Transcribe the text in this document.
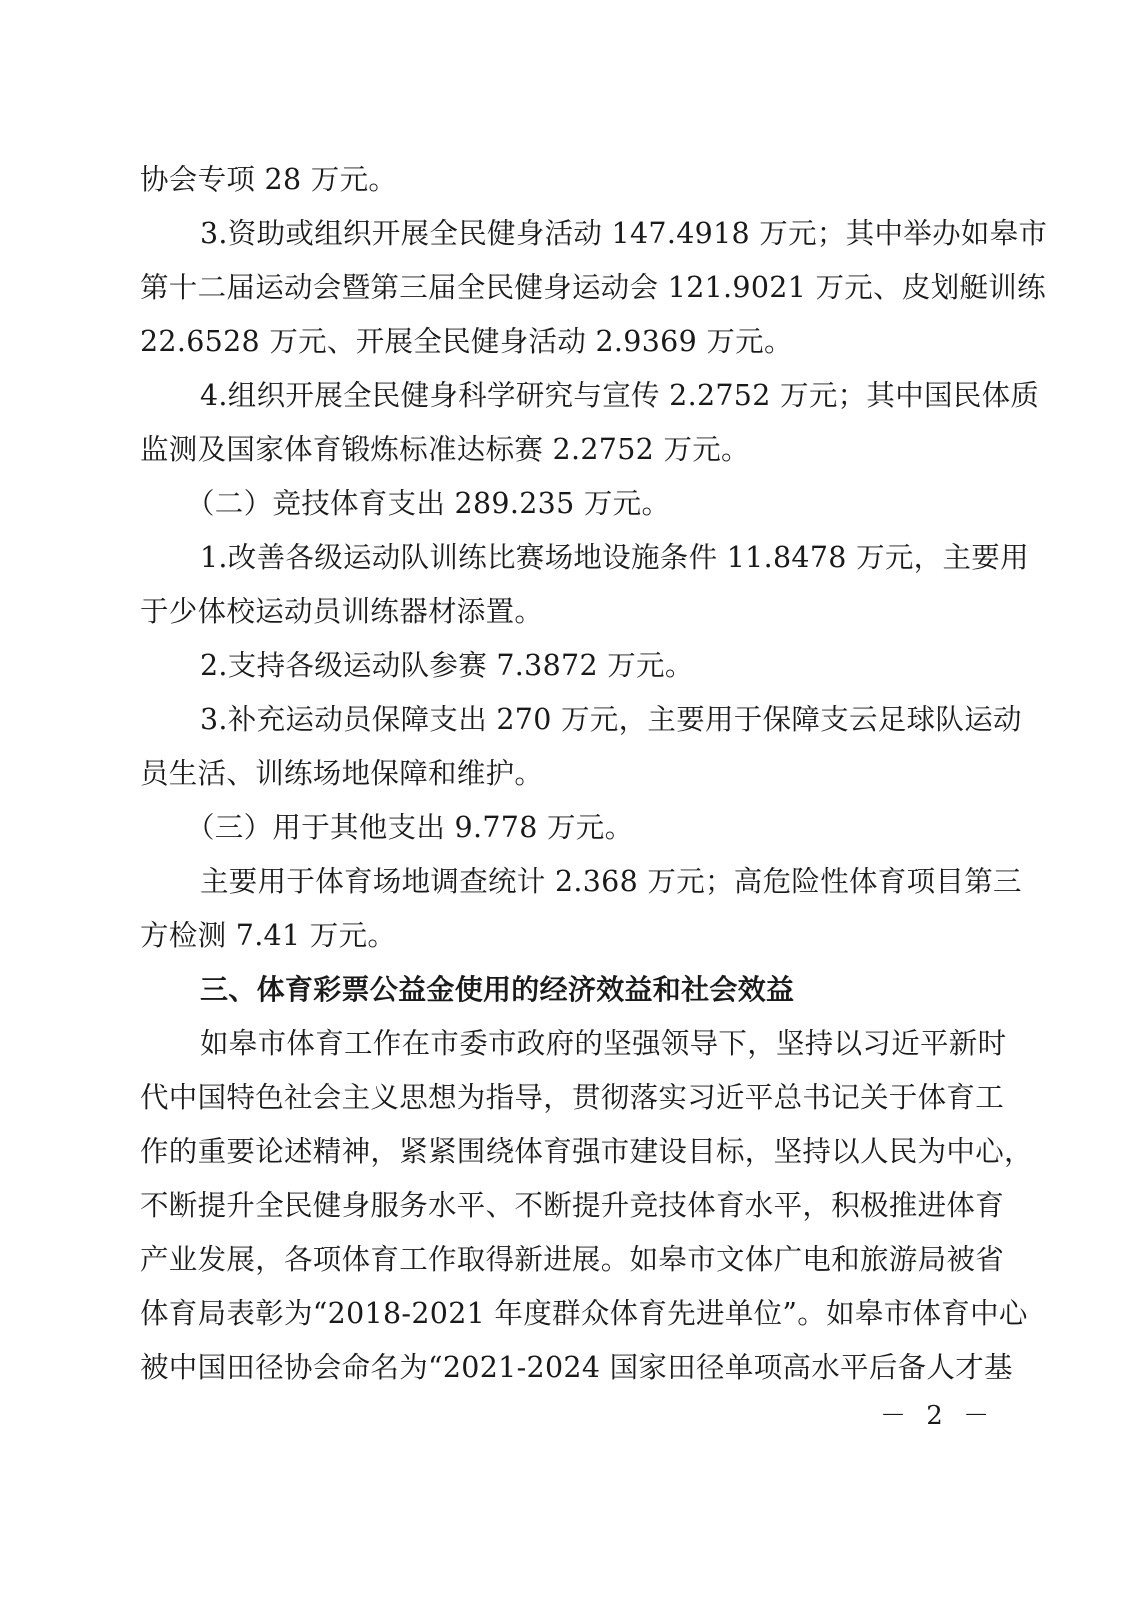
协会专项 28 万元。
3.资助或组织开展全民健身活动 147.4918 万元；其中举办如皋市
第十二届运动会暨第三届全民健身运动会 121.9021 万元、皮划艇训练
22.6528 万元、开展全民健身活动 2.9369 万元。
4.组织开展全民健身科学研究与宣传 2.2752 万元；其中国民体质
监测及国家体育锻炼标准达标赛 2.2752 万元。
（二）竞技体育支出 289.235 万元。
1.改善各级运动队训练比赛场地设施条件 11.8478 万元，主要用
于少体校运动员训练器材添置。
2.支持各级运动队参赛 7.3872 万元。
3.补充运动员保障支出 270 万元，主要用于保障支云足球队运动
员生活、训练场地保障和维护。
（三）用于其他支出 9.778 万元。
主要用于体育场地调查统计 2.368 万元；高危险性体育项目第三
方检测 7.41 万元。
三、体育彩票公益金使用的经济效益和社会效益
如皋市体育工作在市委市政府的坚强领导下，坚持以习近平新时
代中国特色社会主义思想为指导，贯彻落实习近平总书记关于体育工
作的重要论述精神，紧紧围绕体育强市建设目标，坚持以人民为中心，
不断提升全民健身服务水平、不断提升竞技体育水平，积极推进体育
产业发展，各项体育工作取得新进展。如皋市文体广电和旅游局被省
体育局表彰为“2018-2021 年度群众体育先进单位”。如皋市体育中心
被中国田径协会命名为“2021-2024 国家田径单项高水平后备人才基
－ 2 －
